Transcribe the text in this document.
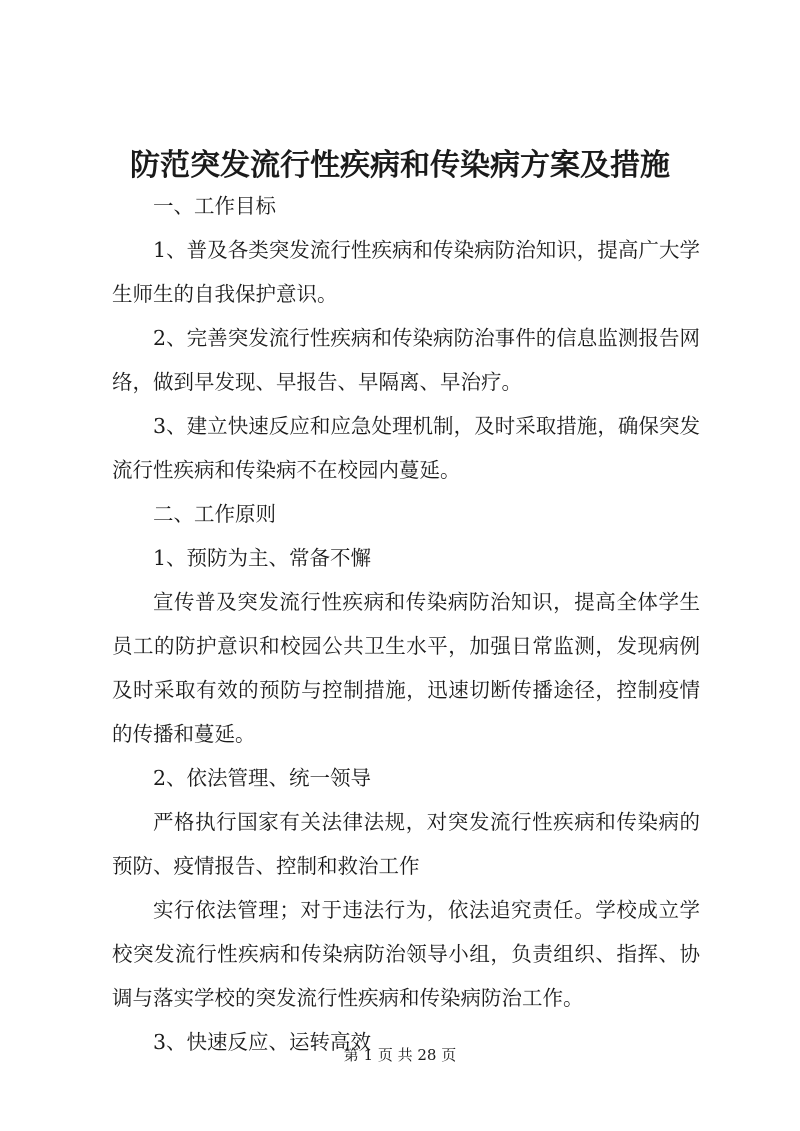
防范突发流行性疾病和传染病方案及措施

一、工作目标

1、普及各类突发流行性疾病和传染病防治知识，提高广大学生师生的自我保护意识。

2、完善突发流行性疾病和传染病防治事件的信息监测报告网络，做到早发现、早报告、早隔离、早治疗。

3、建立快速反应和应急处理机制，及时采取措施，确保突发流行性疾病和传染病不在校园内蔓延。

二、工作原则

1、预防为主、常备不懈

宣传普及突发流行性疾病和传染病防治知识，提高全体学生员工的防护意识和校园公共卫生水平，加强日常监测，发现病例及时采取有效的预防与控制措施，迅速切断传播途径，控制疫情的传播和蔓延。

2、依法管理、统一领导

严格执行国家有关法律法规，对突发流行性疾病和传染病的预防、疫情报告、控制和救治工作

实行依法管理；对于违法行为，依法追究责任。学校成立学校突发流行性疾病和传染病防治领导小组，负责组织、指挥、协调与落实学校的突发流行性疾病和传染病防治工作。

3、快速反应、运转高效

第 1 页 共 28 页
